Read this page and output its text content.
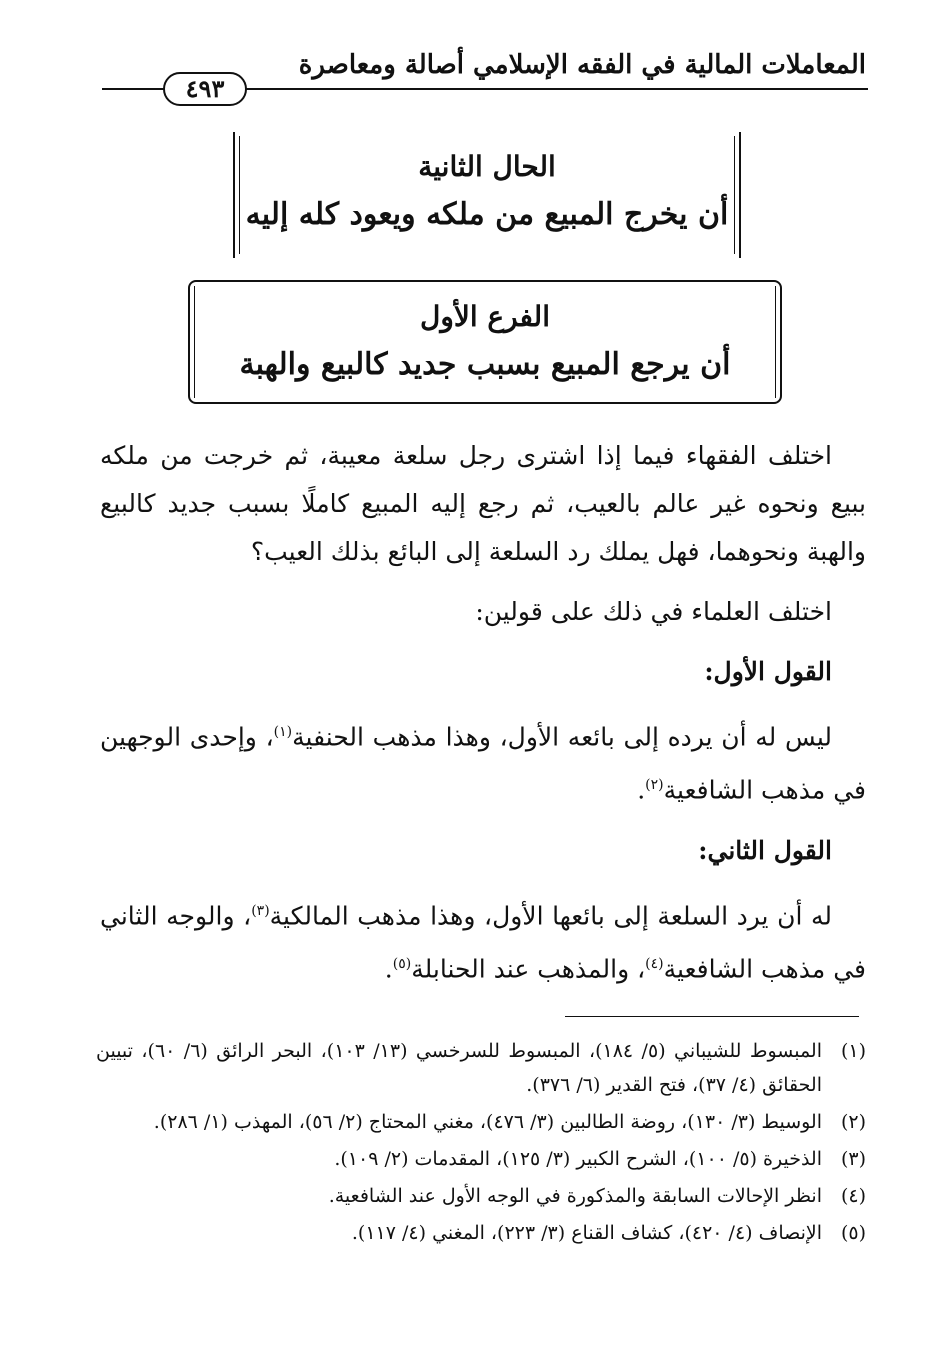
المعاملات المالية في الفقه الإسلامي أصالة ومعاصرة
٤٩٣
الحال الثانية
أن يخرج المبيع من ملكه ويعود كله إليه
الفرع الأول
أن يرجع المبيع بسبب جديد كالبيع والهبة

اختلف الفقهاء فيما إذا اشترى رجل سلعة معيبة، ثم خرجت من ملكه ببيع ونحوه غير عالم بالعيب، ثم رجع إليه المبيع كاملًا بسبب جديد كالبيع والهبة ونحوهما، فهل يملك رد السلعة إلى البائع بذلك العيب؟

اختلف العلماء في ذلك على قولين:

القول الأول:

ليس له أن يرده إلى بائعه الأول، وهذا مذهب الحنفية$^{(١)}$، وإحدى الوجهين في مذهب الشافعية$^{(٢)}$.

القول الثاني:

له أن يرد السلعة إلى بائعها الأول، وهذا مذهب المالكية$^{(٣)}$، والوجه الثاني في مذهب الشافعية$^{(٤)}$، والمذهب عند الحنابلة$^{(٥)}$.

(١)
المبسوط للشيباني (٥/ ١٨٤)، المبسوط للسرخسي (١٣/ ١٠٣)، البحر الرائق (٦/ ٦٠)، تبيين الحقائق (٤/ ٣٧)، فتح القدير (٦/ ٣٧٦).
(٢)
الوسيط (٣/ ١٣٠)، روضة الطالبين (٣/ ٤٧٦)، مغني المحتاج (٢/ ٥٦)، المهذب (١/ ٢٨٦).
(٣)
الذخيرة (٥/ ١٠٠)، الشرح الكبير (٣/ ١٢٥)، المقدمات (٢/ ١٠٩).
(٤)
انظر الإحالات السابقة والمذكورة في الوجه الأول عند الشافعية.
(٥)
الإنصاف (٤/ ٤٢٠)، كشاف القناع (٣/ ٢٢٣)، المغني (٤/ ١١٧).
